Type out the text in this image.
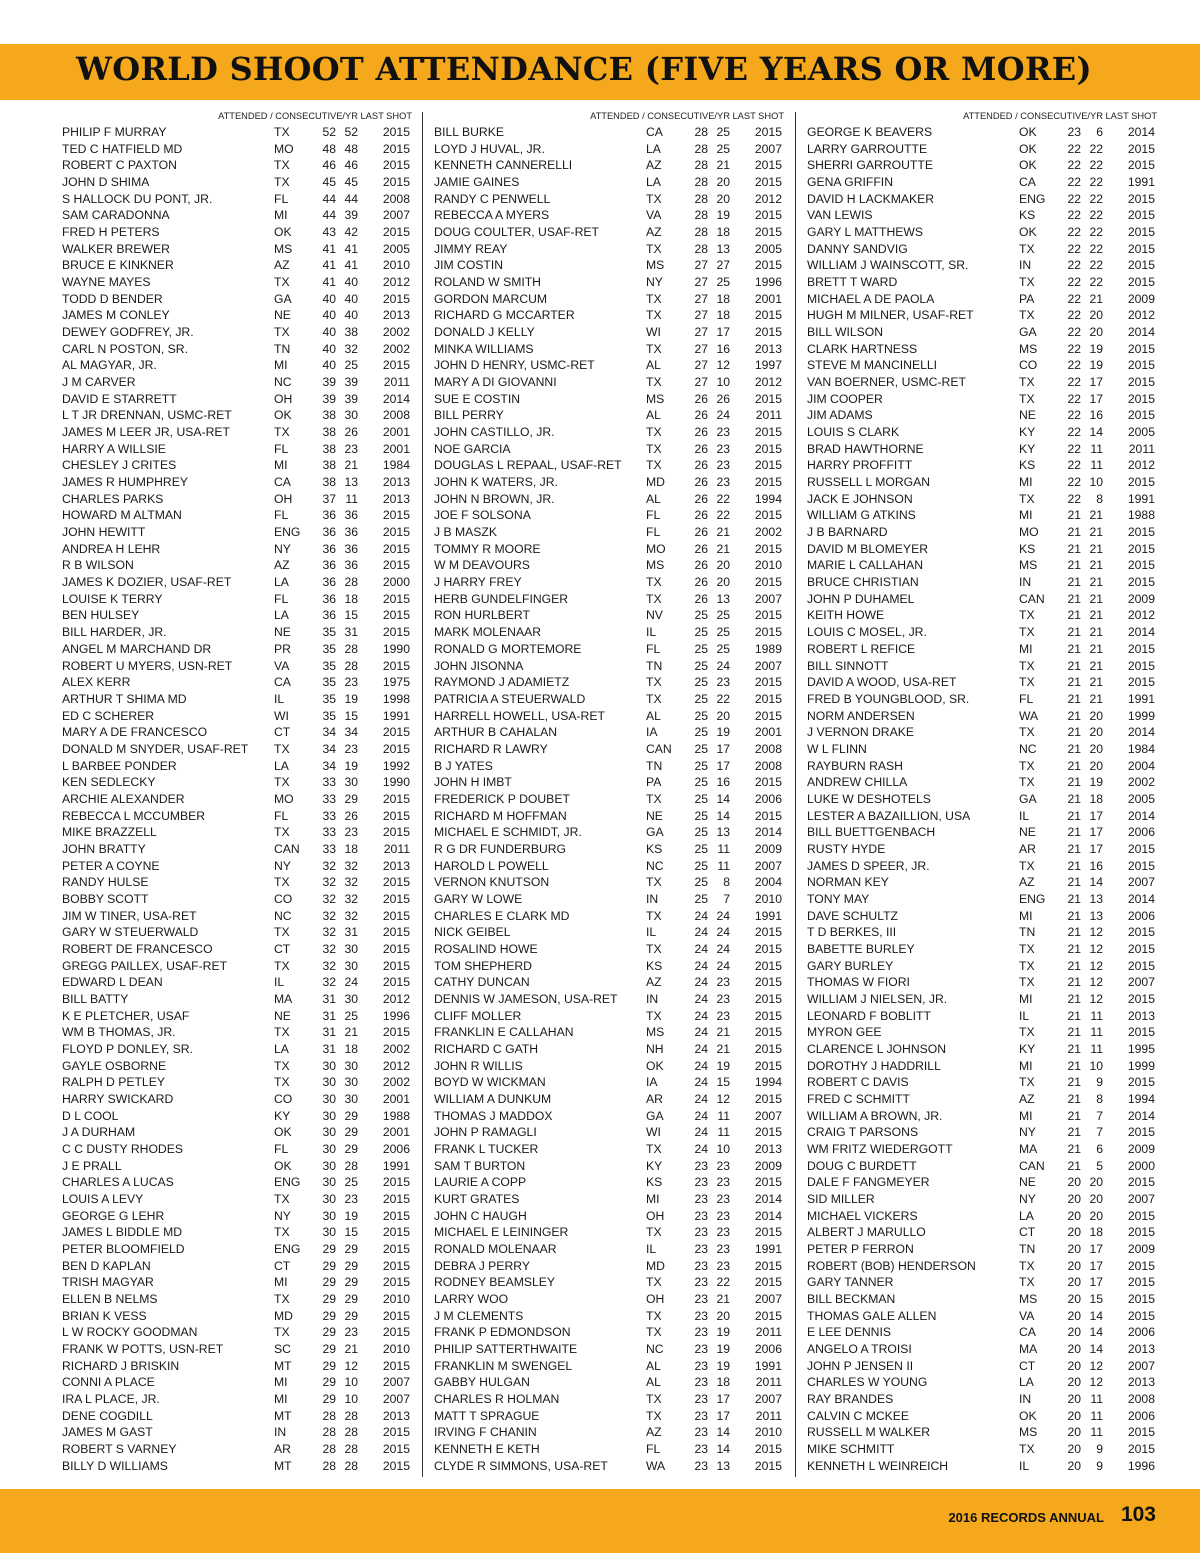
WORLD SHOOT ATTENDANCE (FIVE YEARS OR MORE)
ATTENDED / CONSECUTIVE/YR LAST SHOT
PHILIP F MURRAY	TX	52 52 2015
TED C HATFIELD MD	MO	48 48 2015
ROBERT C PAXTON	TX	46 46 2015
JOHN D SHIMA	TX	45 45 2015
S HALLOCK DU PONT, JR.	FL	44 44 2008
SAM CARADONNA	MI	44 39 2007
FRED H PETERS	OK	43 42 2015
WALKER BREWER	MS	41 41 2005
BRUCE E KINKNER	AZ	41 41 2010
WAYNE MAYES	TX	41 40 2012
TODD D BENDER	GA	40 40 2015
JAMES M CONLEY	NE	40 40 2013
DEWEY GODFREY, JR.	TX	40 38 2002
CARL N POSTON, SR.	TN	40 32 2002
AL MAGYAR, JR.	MI	40 25 2015
J M CARVER	NC	39 39 2011
DAVID E STARRETT	OH	39 39 2014
L T JR DRENNAN, USMC-RET	OK	38 30 2008
JAMES M LEER JR, USA-RET	TX	38 26 2001
HARRY A WILLSIE	FL	38 23 2001
CHESLEY J CRITES	MI	38 21 1984
JAMES R HUMPHREY	CA	38 13 2013
CHARLES PARKS	OH	37 11 2013
HOWARD M ALTMAN	FL	36 36 2015
JOHN HEWITT	ENG	36 36 2015
ANDREA H LEHR	NY	36 36 2015
R B WILSON	AZ	36 36 2015
JAMES K DOZIER, USAF-RET	LA	36 28 2000
LOUISE K TERRY	FL	36 18 2015
BEN HULSEY	LA	36 15 2015
BILL HARDER, JR.	NE	35 31 2015
ANGEL M MARCHAND DR	PR	35 28 1990
ROBERT U MYERS, USN-RET	VA	35 28 2015
ALEX KERR	CA	35 23 1975
ARTHUR T SHIMA MD	IL	35 19 1998
ED C SCHERER	WI	35 15 1991
MARY A DE FRANCESCO	CT	34 34 2015
DONALD M SNYDER, USAF-RET TX	34 23 2015
L BARBEE PONDER	LA	34 19 1992
KEN SEDLECKY	TX	33 30 1990
ARCHIE ALEXANDER	MO	33 29 2015
REBECCA L MCCUMBER	FL	33 26 2015
MIKE BRAZZELL	TX	33 23 2015
JOHN BRATTY	CAN	33 18 2011
PETER A COYNE	NY	32 32 2013
RANDY HULSE	TX	32 32 2015
BOBBY SCOTT	CO	32 32 2015
JIM W TINER, USA-RET	NC	32 32 2015
GARY W STEUERWALD	TX	32 31 2015
ROBERT DE FRANCESCO	CT	32 30 2015
GREGG PAILLEX, USAF-RET	TX	32 30 2015
EDWARD L DEAN	IL	32 24 2015
BILL BATTY	MA	31 30 2012
K E PLETCHER, USAF	NE	31 25 1996
WM B THOMAS, JR.	TX	31 21 2015
FLOYD P DONLEY, SR.	LA	31 18 2002
GAYLE OSBORNE	TX	30 30 2012
RALPH D PETLEY	TX	30 30 2002
HARRY SWICKARD	CO	30 30 2001
D L COOL	KY	30 29 1988
J A DURHAM	OK	30 29 2001
C C DUSTY RHODES	FL	30 29 2006
J E PRALL	OK	30 28 1991
CHARLES A LUCAS	ENG	30 25 2015
LOUIS A LEVY	TX	30 23 2015
GEORGE G LEHR	NY	30 19 2015
JAMES L BIDDLE MD	TX	30 15 2015
PETER BLOOMFIELD	ENG	29 29 2015
BEN D KAPLAN	CT	29 29 2015
TRISH MAGYAR	MI	29 29 2015
ELLEN B NELMS	TX	29 29 2010
BRIAN K VESS	MD	29 29 2015
L W ROCKY GOODMAN	TX	29 23 2015
FRANK W POTTS, USN-RET	SC	29 21 2010
RICHARD J BRISKIN	MT	29 12 2015
CONNI A PLACE	MI	29 10 2007
IRA L PLACE, JR.	MI	29 10 2007
DENE COGDILL	MT	28 28 2013
JAMES M GAST	IN	28 28 2015
ROBERT S VARNEY	AR	28 28 2015
BILLY D WILLIAMS	MT	28 28 2015
ATTENDED / CONSECUTIVE/YR LAST SHOT
BILL BURKE	CA	28 25 2015
LOYD J HUVAL, JR.	LA	28 25 2007
KENNETH CANNERELLI	AZ	28 21 2015
JAMIE GAINES	LA	28 20 2015
RANDY C PENWELL	TX	28 20 2012
REBECCA A MYERS	VA	28 19 2015
DOUG COULTER, USAF-RET	AZ	28 18 2015
JIMMY REAY	TX	28 13 2005
JIM COSTIN	MS	27 27 2015
ROLAND W SMITH	NY	27 25 1996
GORDON MARCUM	TX	27 18 2001
RICHARD G MCCARTER	TX	27 18 2015
DONALD J KELLY	WI	27 17 2015
MINKA WILLIAMS	TX	27 16 2013
JOHN D HENRY, USMC-RET	AL	27 12 1997
MARY A DI GIOVANNI	TX	27 10 2012
SUE E COSTIN	MS	26 26 2015
BILL PERRY	AL	26 24 2011
JOHN CASTILLO, JR.	TX	26 23 2015
NOE GARCIA	TX	26 23 2015
DOUGLAS L REPAAL, USAF-RET TX	26 23 2015
JOHN K WATERS, JR.	MD	26 23 2015
JOHN N BROWN, JR.	AL	26 22 1994
JOE F SOLSONA	FL	26 22 2015
J B MASZK	FL	26 21 2002
TOMMY R MOORE	MO	26 21 2015
W M DEAVOURS	MS	26 20 2010
J HARRY FREY	TX	26 20 2015
HERB GUNDELFINGER	TX	26 13 2007
RON HURLBERT	NV	25 25 2015
MARK MOLENAAR	IL	25 25 2015
RONALD G MORTEMORE	FL	25 25 1989
JOHN JISONNA	TN	25 24 2007
RAYMOND J ADAMIETZ	TX	25 23 2015
PATRICIA A STEUERWALD	TX	25 22 2015
HARRELL HOWELL, USA-RET	AL	25 20 2015
ARTHUR B CAHALAN	IA	25 19 2001
RICHARD R LAWRY	CAN	25 17 2008
B J YATES	TN	25 17 2008
JOHN H IMBT	PA	25 16 2015
FREDERICK P DOUBET	TX	25 14 2006
RICHARD M HOFFMAN	NE	25 14 2015
MICHAEL E SCHMIDT, JR.	GA	25 13 2014
R G DR FUNDERBURG	KS	25 11 2009
HAROLD L POWELL	NC	25 11 2007
VERNON KNUTSON	TX	25	8 2004
GARY W LOWE	IN	25	7 2010
CHARLES E CLARK MD	TX	24 24 1991
NICK GEIBEL	IL	24 24 2015
ROSALIND HOWE	TX	24 24 2015
TOM SHEPHERD	KS	24 24 2015
CATHY DUNCAN	AZ	24 23 2015
DENNIS W JAMESON, USA-RET IN	24 23 2015
CLIFF MOLLER	TX	24 23 2015
FRANKLIN E CALLAHAN	MS	24 21 2015
RICHARD C GATH	NH	24 21 2015
JOHN R WILLIS	OK	24 19 2015
BOYD W WICKMAN	IA	24 15 1994
WILLIAM A DUNKUM	AR	24 12 2015
THOMAS J MADDOX	GA	24 11 2007
JOHN P RAMAGLI	WI	24 11 2015
FRANK L TUCKER	TX	24 10 2013
SAM T BURTON	KY	23 23 2009
LAURIE A COPP	KS	23 23 2015
KURT GRATES	MI	23 23 2014
JOHN C HAUGH	OH	23 23 2014
MICHAEL E LEININGER	TX	23 23 2015
RONALD MOLENAAR	IL	23 23 1991
DEBRA J PERRY	MD	23 23 2015
RODNEY BEAMSLEY	TX	23 22 2015
LARRY WOO	OH	23 21 2007
J M CLEMENTS	TX	23 20 2015
FRANK P EDMONDSON	TX	23 19 2011
PHILIP SATTERTHWAITE	NC	23 19 2006
FRANKLIN M SWENGEL	AL	23 19 1991
GABBY HULGAN	AL	23 18 2011
CHARLES R HOLMAN	TX	23 17 2007
MATT T SPRAGUE	TX	23 17 2011
IRVING F CHANIN	AZ	23 14 2010
KENNETH E KETH	FL	23 14 2015
CLYDE R SIMMONS, USA-RET	WA	23 13 2015
ATTENDED / CONSECUTIVE/YR LAST SHOT
GEORGE K BEAVERS	OK	23	6 2014
LARRY GARROUTTE	OK	22 22 2015
SHERRI GARROUTTE	OK	22 22 2015
GENA GRIFFIN	CA	22 22 1991
DAVID H LACKMAKER	ENG	22 22 2015
VAN LEWIS	KS	22 22 2015
GARY L MATTHEWS	OK	22 22 2015
DANNY SANDVIG	TX	22 22 2015
WILLIAM J WAINSCOTT, SR.	IN	22 22 2015
BRETT T WARD	TX	22 22 2015
MICHAEL A DE PAOLA	PA	22 21 2009
HUGH M MILNER, USAF-RET	TX	22 20 2012
BILL WILSON	GA	22 20 2014
CLARK HARTNESS	MS	22 19 2015
STEVE M MANCINELLI	CO	22 19 2015
VAN BOERNER, USMC-RET	TX	22 17 2015
JIM COOPER	TX	22 17 2015
JIM ADAMS	NE	22 16 2015
LOUIS S CLARK	KY	22 14 2005
BRAD HAWTHORNE	KY	22 11 2011
HARRY PROFFITT	KS	22 11 2012
RUSSELL L MORGAN	MI	22 10 2015
JACK E JOHNSON	TX	22	8 1991
WILLIAM G ATKINS	MI	21 21 1988
J B BARNARD	MO	21 21 2015
DAVID M BLOMEYER	KS	21 21 2015
MARIE L CALLAHAN	MS	21 21 2015
BRUCE CHRISTIAN	IN	21 21 2015
JOHN P DUHAMEL	CAN	21 21 2009
KEITH HOWE	TX	21 21 2012
LOUIS C MOSEL, JR.	TX	21 21 2014
ROBERT L REFICE	MI	21 21 2015
BILL SINNOTT	TX	21 21 2015
DAVID A WOOD, USA-RET	TX	21 21 2015
FRED B YOUNGBLOOD, SR.	FL	21 21 1991
NORM ANDERSEN	WA	21 20 1999
J VERNON DRAKE	TX	21 20 2014
W L FLINN	NC	21 20 1984
RAYBURN RASH	TX	21 20 2004
ANDREW CHILLA	TX	21 19 2002
LUKE W DESHOTELS	GA	21 18 2005
LESTER A BAZAILLION, USA	IL	21 17 2014
BILL BUETTGENBACH	NE	21 17 2006
RUSTY HYDE	AR	21 17 2015
JAMES D SPEER, JR.	TX	21 16 2015
NORMAN KEY	AZ	21 14 2007
TONY MAY	ENG	21 13 2014
DAVE SCHULTZ	MI	21 13 2006
T D BERKES, III	TN	21 12 2015
BABETTE BURLEY	TX	21 12 2015
GARY BURLEY	TX	21 12 2015
THOMAS W FIORI	TX	21 12 2007
WILLIAM J NIELSEN, JR.	MI	21 12 2015
LEONARD F BOBLITT	IL	21 11 2013
MYRON GEE	TX	21 11 2015
CLARENCE L JOHNSON	KY	21 11 1995
DOROTHY J HADDRILL	MI	21 10 1999
ROBERT C DAVIS	TX	21	9 2015
FRED C SCHMITT	AZ	21	8 1994
WILLIAM A BROWN, JR.	MI	21	7 2014
CRAIG T PARSONS	NY	21	7 2015
WM FRITZ WIEDERGOTT	MA	21	6 2009
DOUG C BURDETT	CAN	21	5 2000
DALE F FANGMEYER	NE	20 20 2015
SID MILLER	NY	20 20 2007
MICHAEL VICKERS	LA	20 20 2015
ALBERT J MARULLO	CT	20 18 2015
PETER P FERRON	TN	20 17 2009
ROBERT (BOB) HENDERSON	TX	20 17 2015
GARY TANNER	TX	20 17 2015
BILL BECKMAN	MS	20 15 2015
THOMAS GALE ALLEN	VA	20 14 2015
E LEE DENNIS	CA	20 14 2006
ANGELO A TROISI	MA	20 14 2013
JOHN P JENSEN II	CT	20 12 2007
CHARLES W YOUNG	LA	20 12 2013
RAY BRANDES	IN	20 11 2008
CALVIN C MCKEE	OK	20 11 2006
RUSSELL M WALKER	MS	20 11 2015
MIKE SCHMITT	TX	20	9 2015
KENNETH L WEINREICH	IL	20	9 1996
2016 RECORDS ANNUAL 103
